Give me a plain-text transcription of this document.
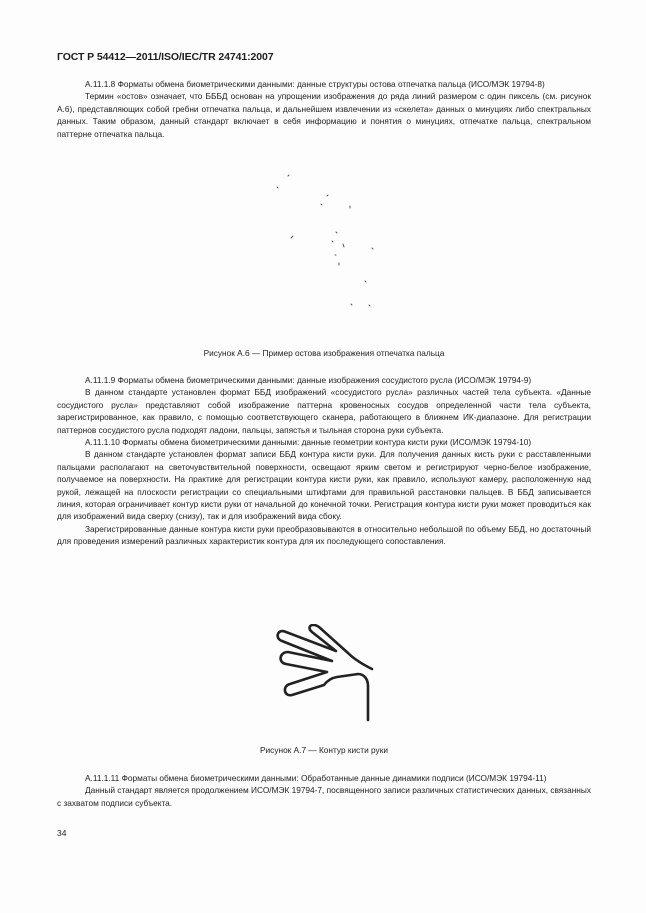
ГОСТ Р 54412—2011/ISO/IEC/TR 24741:2007

А.11.1.8 Форматы обмена биометрическими данными: данные структуры остова отпечатка пальца (ИСО/МЭК 19794-8)

Термин «остов» означает, что БББД основан на упрощении изображения до ряда линий размером с один пиксель (см. рисунок А.6), представляющих собой гребни отпечатка пальца, и дальнейшем извлечении из «скелета» данных о минуциях либо спектральных данных. Таким образом, данный стандарт включает в себя информацию и понятия о минуциях, отпечатке пальца, спектральном паттерне отпечатка пальца.

Рисунок А.6 — Пример остова изображения отпечатка пальца

А.11.1.9 Форматы обмена биометрическими данными: данные изображения сосудистого русла (ИСО/МЭК 19794-9)

В данном стандарте установлен формат ББД изображений «сосудистого русла» различных частей тела субъекта. «Данные сосудистого русла» представляют собой изображение паттерна кровеносных сосудов определенной части тела субъекта, зарегистрированное, как правило, с помощью соответствующего сканера, работающего в ближнем ИК-диапазоне. Для регистрации паттернов сосудистого русла подходят ладони, пальцы, запястья и тыльная сторона руки субъекта.

А.11.1.10 Форматы обмена биометрическими данными: данные геометрии контура кисти руки (ИСО/МЭК 19794-10)

В данном стандарте установлен формат записи ББД контура кисти руки. Для получения данных кисть руки с расставленными пальцами располагают на светочувствительной поверхности, освещают ярким светом и регистрируют черно-белое изображение, получаемое на поверхности. На практике для регистрации контура кисти руки, как правило, используют камеру, расположенную над рукой, лежащей на плоскости регистрации со специальными штифтами для правильной расстановки пальцев. В ББД записывается линия, которая ограничивает контур кисти руки от начальной до конечной точки. Регистрация контура кисти руки может проводиться как для изображений вида сверху (снизу), так и для изображений вида сбоку.

Зарегистрированные данные контура кисти руки преобразовываются в относительно небольшой по объему ББД, но достаточный для проведения измерений различных характеристик контура для их последующего сопоставления.

Рисунок А.7 — Контур кисти руки

А.11.1.11 Форматы обмена биометрическими данными: Обработанные данные динамики подписи (ИСО/МЭК 19794-11)

Данный стандарт является продолжением ИСО/МЭК 19794-7, посвященного записи различных статистических данных, связанных с захватом подписи субъекта.

34
